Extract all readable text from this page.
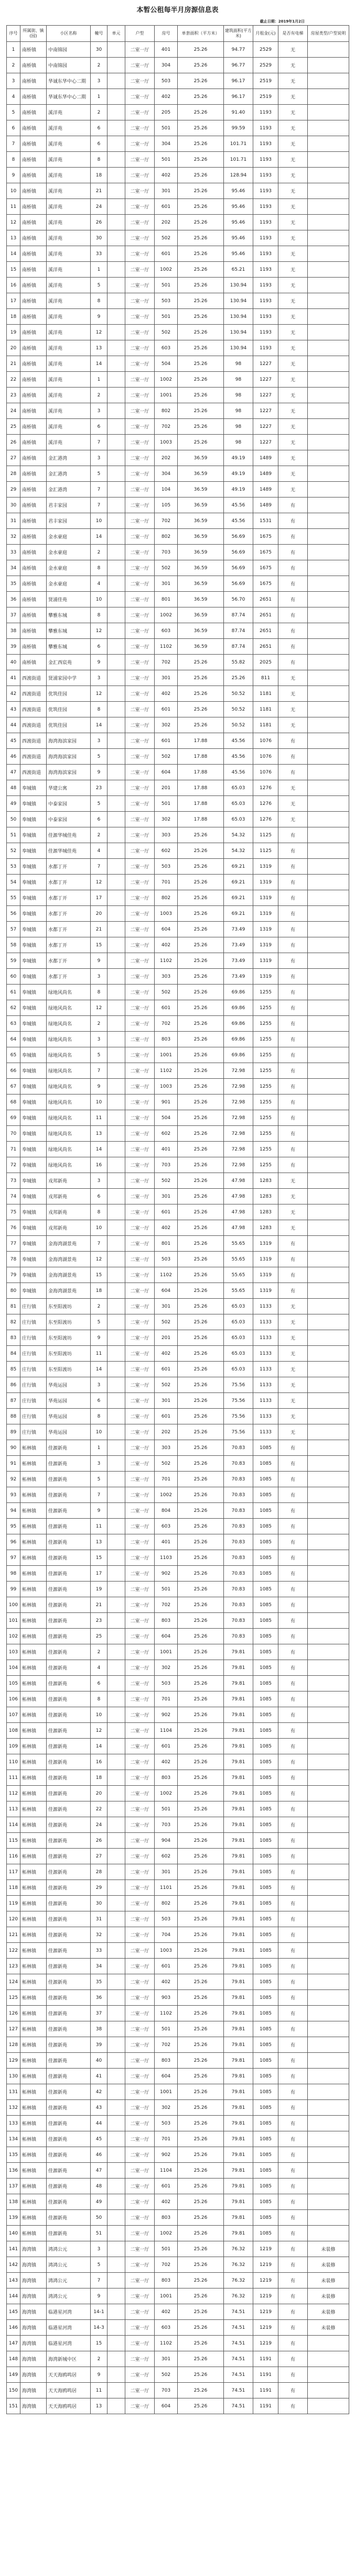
本暂公租每半月房源信息表
截止日期：2019年1月2日
序号	所属街、镇(园)	小区名称	幢号	单元	户型	房号	单套面积（平方米）	建筑面积(平方米)	月租金(元)	是否有电梯	房屋类型/户型说明
1	南桥镇	中南锦园	30		二室一厅	401	25.26	94.77	2529	无	
2	南桥镇	中南锦园	2		二室一厅	304	25.26	96.77	2529	无	
3	南桥镇	华诚东华中心二期	3		二室一厅	503	25.26	96.17	2519	无	
4	南桥镇	华诚东华中心二期	1		二室一厅	402	25.26	96.17	2519	无	
5	南桥镇	溪洋苑	2		二室一厅	205	25.26	91.40	1193	无	
6	南桥镇	溪洋苑	6		二室一厅	501	25.26	99.59	1193	无	
7	南桥镇	溪洋苑	6		二室一厅	304	25.26	101.71	1193	无	
8	南桥镇	溪洋苑	8		二室一厅	501	25.26	101.71	1193	无	
9	南桥镇	溪洋苑	18		二室一厅	402	25.26	128.94	1193	无	
10	南桥镇	溪洋苑	21		二室一厅	301	25.26	95.46	1193	无	
11	南桥镇	溪洋苑	24		二室一厅	601	25.26	95.46	1193	无	
12	南桥镇	溪洋苑	26		二室一厅	202	25.26	95.46	1193	无	
13	南桥镇	溪洋苑	30		二室一厅	502	25.26	95.46	1193	无	
14	南桥镇	溪洋苑	33		二室一厅	601	25.26	95.46	1193	无	
15	南桥镇	溪洋苑	1		二室一厅	1002	25.26	65.21	1193	无	
16	南桥镇	溪洋苑	5		二室一厅	501	25.26	130.94	1193	无	
17	南桥镇	溪洋苑	8		二室一厅	503	25.26	130.94	1193	无	
18	南桥镇	溪洋苑	9		二室一厅	501	25.26	130.94	1193	无	
19	南桥镇	溪洋苑	12		二室一厅	502	25.26	130.94	1193	无	
20	南桥镇	溪洋苑	13		二室一厅	603	25.26	130.94	1193	无	
21	南桥镇	溪洋苑	14		二室一厅	504	25.26	98	1227	无	
22	南桥镇	溪洋苑	1		二室一厅	1002	25.26	98	1227	无	
23	南桥镇	溪洋苑	2		二室一厅	1001	25.26	98	1227	无	
24	南桥镇	溪洋苑	3		二室一厅	802	25.26	98	1227	无	
25	南桥镇	溪洋苑	6		二室一厅	702	25.26	98	1227	无	
26	南桥镇	溪洋苑	7		二室一厅	1003	25.26	98	1227	无	
27	南桥镇	金汇港湾	3		二室一厅	202	36.59	49.19	1489	无	
28	南桥镇	金汇港湾	5		二室一厅	304	36.59	49.19	1489	无	
29	南桥镇	金汇港湾	7		二室一厅	104	36.59	49.19	1489	无	
30	南桥镇	君丰家园	7		二室一厅	105	36.59	45.56	1489	有	
31	南桥镇	君丰家园	10		二室一厅	702	36.59	45.56	1531	有	
32	南桥镇	金水豪庭	14		二室一厅	802	36.59	56.69	1675	有	
33	南桥镇	金水豪庭	2		二室一厅	703	36.59	56.69	1675	有	
34	南桥镇	金水豪庭	8		二室一厅	502	36.59	56.69	1675	有	
35	南桥镇	金水豪庭	4		二室一厅	301	36.59	56.69	1675	有	
36	南桥镇	贤浦佳苑	10		二室一厅	801	36.59	56.70	2651	有	
37	南桥镇	攀雅东城	8		二室一厅	1002	36.59	87.74	2651	有	
38	南桥镇	攀雅东城	12		二室一厅	603	36.59	87.74	2651	有	
39	南桥镇	攀雅东城	6		二室一厅	1102	36.59	87.74	2651	有	
40	南桥镇	金汇西宸苑	9		二室一厅	702	25.26	55.82	2025	有	
41	西渡街道	贤浦家园中学	3		二室一厅	301	25.26	25.26	811	无	
42	西渡街道	优筑佳园	12		二室一厅	402	25.26	50.52	1181	无	
43	西渡街道	优筑佳园	8		二室一厅	601	25.26	50.52	1181	无	
44	西渡街道	优筑佳园	14		二室一厅	302	25.26	50.52	1181	无	
45	西渡街道	海湾海滨家园	3		二室一厅	601	17.88	45.56	1076	有	
46	西渡街道	海湾海滨家园	5		二室一厅	502	17.88	45.56	1076	有	
47	西渡街道	海湾海滨家园	9		二室一厅	604	17.88	45.56	1076	有	
48	奉城镇	华建公寓	23		二室一厅	201	17.88	65.03	1276	无	
49	奉城镇	中泰家园	5		二室一厅	501	17.88	65.03	1276	无	
50	奉城镇	中泰家园	6		二室一厅	302	17.88	65.03	1276	无	
51	奉城镇	佳源华城佳苑	2		二室一厅	303	25.26	54.32	1125	有	
52	奉城镇	佳源华城佳苑	4		二室一厅	602	25.26	54.32	1125	有	
53	奉城镇	水都丁开	7		二室一厅	503	25.26	69.21	1319	有	
54	奉城镇	水都丁开	12		二室一厅	701	25.26	69.21	1319	有	
55	奉城镇	水都丁开	17		二室一厅	802	25.26	69.21	1319	有	
56	奉城镇	水都丁开	20		二室一厅	1003	25.26	69.21	1319	有	
57	奉城镇	水都丁开	21		二室一厅	604	25.26	73.49	1319	有	
58	奉城镇	水都丁开	15		二室一厅	402	25.26	73.49	1319	有	
59	奉城镇	水都丁开	9		二室一厅	1102	25.26	73.49	1319	有	
60	奉城镇	水都丁开	3		二室一厅	303	25.26	73.49	1319	有	
61	奉城镇	绿地风尚名	8		二室一厅	502	25.26	69.86	1255	有	
62	奉城镇	绿地风尚名	12		二室一厅	601	25.26	69.86	1255	有	
63	奉城镇	绿地风尚名	2		二室一厅	702	25.26	69.86	1255	有	
64	奉城镇	绿地风尚名	3		二室一厅	803	25.26	69.86	1255	有	
65	奉城镇	绿地风尚名	5		二室一厅	1001	25.26	69.86	1255	有	
66	奉城镇	绿地风尚名	7		二室一厅	1102	25.26	72.98	1255	有	
67	奉城镇	绿地风尚名	9		二室一厅	1003	25.26	72.98	1255	有	
68	奉城镇	绿地风尚名	10		二室一厅	901	25.26	72.98	1255	有	
69	奉城镇	绿地风尚名	11		二室一厅	504	25.26	72.98	1255	有	
70	奉城镇	绿地风尚名	13		二室一厅	602	25.26	72.98	1255	有	
71	奉城镇	绿地风尚名	14		二室一厅	401	25.26	72.98	1255	有	
72	奉城镇	绿地风尚名	16		二室一厅	703	25.26	72.98	1255	有	
73	奉城镇	戎邦新苑	3		二室一厅	502	25.26	47.98	1283	无	
74	奉城镇	戎邦新苑	6		二室一厅	301	25.26	47.98	1283	无	
75	奉城镇	戎邦新苑	8		二室一厅	601	25.26	47.98	1283	无	
76	奉城镇	戎邦新苑	10		二室一厅	402	25.26	47.98	1283	无	
77	奉城镇	金海湾湖景苑	7		二室一厅	801	25.26	55.65	1319	有	
78	奉城镇	金海湾湖景苑	12		二室一厅	503	25.26	55.65	1319	有	
79	奉城镇	金海湾湖景苑	15		二室一厅	1102	25.26	55.65	1319	有	
80	奉城镇	金海湾湖景苑	18		二室一厅	604	25.26	55.65	1319	有	
81	庄行镇	东至阳渡坊	2		二室一厅	301	25.26	65.03	1133	无	
82	庄行镇	东至阳渡坊	5		二室一厅	502	25.26	65.03	1133	无	
83	庄行镇	东至阳渡坊	9		二室一厅	201	25.26	65.03	1133	无	
84	庄行镇	东至阳渡坊	11		二室一厅	402	25.26	65.03	1133	无	
85	庄行镇	东至阳渡坊	14		二室一厅	601	25.26	65.03	1133	无	
86	庄行镇	华苑运园	3		二室一厅	502	25.26	75.56	1133	无	
87	庄行镇	华苑运园	6		二室一厅	301	25.26	75.56	1133	无	
88	庄行镇	华苑运园	8		二室一厅	601	25.26	75.56	1133	无	
89	庄行镇	华苑运园	10		二室一厅	202	25.26	75.56	1133	无	
90	柘林镇	佳源新苑	1		二室一厅	303	25.26	70.83	1085	有	
91	柘林镇	佳源新苑	3		二室一厅	502	25.26	70.83	1085	有	
92	柘林镇	佳源新苑	5		二室一厅	701	25.26	70.83	1085	有	
93	柘林镇	佳源新苑	7		二室一厅	1002	25.26	70.83	1085	有	
94	柘林镇	佳源新苑	9		二室一厅	804	25.26	70.83	1085	有	
95	柘林镇	佳源新苑	11		二室一厅	603	25.26	70.83	1085	有	
96	柘林镇	佳源新苑	13		二室一厅	401	25.26	70.83	1085	有	
97	柘林镇	佳源新苑	15		二室一厅	1103	25.26	70.83	1085	有	
98	柘林镇	佳源新苑	17		二室一厅	902	25.26	70.83	1085	有	
99	柘林镇	佳源新苑	19		二室一厅	501	25.26	70.83	1085	有	
100	柘林镇	佳源新苑	21		二室一厅	702	25.26	70.83	1085	有	
101	柘林镇	佳源新苑	23		二室一厅	803	25.26	70.83	1085	有	
102	柘林镇	佳源新苑	25		二室一厅	604	25.26	70.83	1085	有	
103	柘林镇	佳源新苑	2		二室一厅	1001	25.26	79.81	1085	有	
104	柘林镇	佳源新苑	4		二室一厅	302	25.26	79.81	1085	有	
105	柘林镇	佳源新苑	6		二室一厅	503	25.26	79.81	1085	有	
106	柘林镇	佳源新苑	8		二室一厅	701	25.26	79.81	1085	有	
107	柘林镇	佳源新苑	10		二室一厅	902	25.26	79.81	1085	有	
108	柘林镇	佳源新苑	12		二室一厅	1104	25.26	79.81	1085	有	
109	柘林镇	佳源新苑	14		二室一厅	601	25.26	79.81	1085	有	
110	柘林镇	佳源新苑	16		二室一厅	402	25.26	79.81	1085	有	
111	柘林镇	佳源新苑	18		二室一厅	803	25.26	79.81	1085	有	
112	柘林镇	佳源新苑	20		二室一厅	1002	25.26	79.81	1085	有	
113	柘林镇	佳源新苑	22		二室一厅	501	25.26	79.81	1085	有	
114	柘林镇	佳源新苑	24		二室一厅	703	25.26	79.81	1085	有	
115	柘林镇	佳源新苑	26		二室一厅	904	25.26	79.81	1085	有	
116	柘林镇	佳源新苑	27		二室一厅	602	25.26	79.81	1085	有	
117	柘林镇	佳源新苑	28		二室一厅	301	25.26	79.81	1085	有	
118	柘林镇	佳源新苑	29		二室一厅	1101	25.26	79.81	1085	有	
119	柘林镇	佳源新苑	30		二室一厅	802	25.26	79.81	1085	有	
120	柘林镇	佳源新苑	31		二室一厅	503	25.26	79.81	1085	有	
121	柘林镇	佳源新苑	32		二室一厅	704	25.26	79.81	1085	有	
122	柘林镇	佳源新苑	33		二室一厅	1003	25.26	79.81	1085	有	
123	柘林镇	佳源新苑	34		二室一厅	601	25.26	79.81	1085	有	
124	柘林镇	佳源新苑	35		二室一厅	402	25.26	79.81	1085	有	
125	柘林镇	佳源新苑	36		二室一厅	903	25.26	79.81	1085	有	
126	柘林镇	佳源新苑	37		二室一厅	1102	25.26	79.81	1085	有	
127	柘林镇	佳源新苑	38		二室一厅	501	25.26	79.81	1085	有	
128	柘林镇	佳源新苑	39		二室一厅	702	25.26	79.81	1085	有	
129	柘林镇	佳源新苑	40		二室一厅	803	25.26	79.81	1085	有	
130	柘林镇	佳源新苑	41		二室一厅	604	25.26	79.81	1085	有	
131	柘林镇	佳源新苑	42		二室一厅	1001	25.26	79.81	1085	有	
132	柘林镇	佳源新苑	43		二室一厅	302	25.26	79.81	1085	有	
133	柘林镇	佳源新苑	44		二室一厅	503	25.26	79.81	1085	有	
134	柘林镇	佳源新苑	45		二室一厅	701	25.26	79.81	1085	有	
135	柘林镇	佳源新苑	46		二室一厅	902	25.26	79.81	1085	有	
136	柘林镇	佳源新苑	47		二室一厅	1104	25.26	79.81	1085	有	
137	柘林镇	佳源新苑	48		二室一厅	601	25.26	79.81	1085	有	
138	柘林镇	佳源新苑	49		二室一厅	402	25.26	79.81	1085	有	
139	柘林镇	佳源新苑	50		二室一厅	803	25.26	79.81	1085	有	
140	柘林镇	佳源新苑	51		二室一厅	1002	25.26	79.81	1085	有	
141	海湾镇	鸿鸿公元	3		二室一厅	501	25.26	76.32	1219	有	未装修
142	海湾镇	鸿鸿公元	5		二室一厅	702	25.26	76.32	1219	有	未装修
143	海湾镇	鸿鸿公元	7		二室一厅	803	25.26	76.32	1219	有	未装修
144	海湾镇	鸿鸿公元	9		二室一厅	1001	25.26	76.32	1219	有	未装修
145	海湾镇	临港星河湾	14-1		二室一厅	402	25.26	74.51	1219	有	未装修
146	海湾镇	临港星河湾	14-3		二室一厅	603	25.26	74.51	1219	有	未装修
147	海湾镇	临港星河湾	15		二室一厅	1102	25.26	74.51	1219	有	
148	海湾镇	海湾新城中区	2		二室一厅	301	25.26	74.51	1191	有	
149	海湾镇	天天海鸥鸣居	9		二室一厅	502	25.26	74.51	1191	有	
150	海湾镇	天天海鸥鸣居	11		二室一厅	703	25.26	74.51	1191	有	
151	海湾镇	天天海鸥鸣居	13		二室一厅	604	25.26	74.51	1191	有	
